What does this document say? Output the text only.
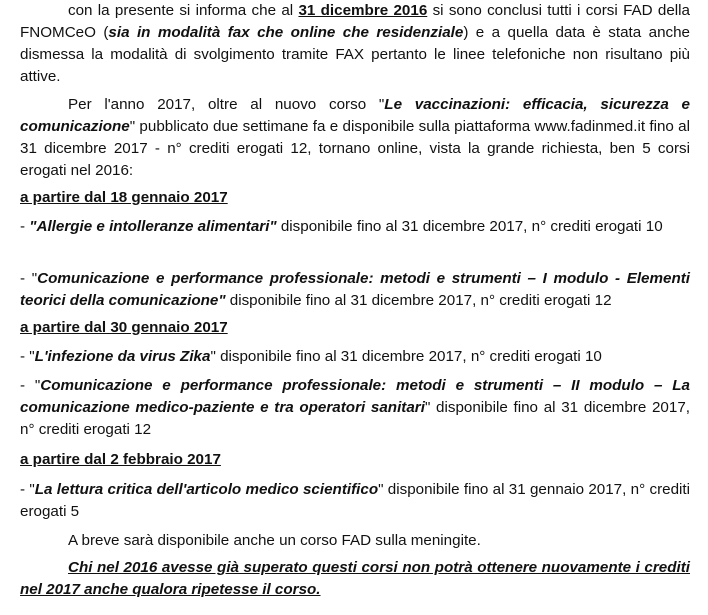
con la presente si informa che al 31 dicembre 2016 si sono conclusi tutti i corsi FAD della FNOMCeO (sia in modalità fax che online che residenziale) e a quella data è stata anche dismessa la modalità di svolgimento tramite FAX pertanto le linee telefoniche non risultano più attive.

Per l'anno 2017, oltre al nuovo corso "Le vaccinazioni: efficacia, sicurezza e comunicazione" pubblicato due settimane fa e disponibile sulla piattaforma www.fadinmed.it fino al 31 dicembre 2017 - n° crediti erogati 12, tornano online, vista la grande richiesta, ben 5 corsi erogati nel 2016:

a partire dal 18 gennaio 2017

- "Allergie e intolleranze alimentari" disponibile fino al 31 dicembre 2017, n° crediti erogati 10

- "Comunicazione e performance professionale: metodi e strumenti – I modulo - Elementi teorici della comunicazione" disponibile fino al 31 dicembre 2017, n° crediti erogati 12

a partire dal 30 gennaio 2017

- "L'infezione da virus Zika" disponibile fino al 31 dicembre 2017, n° crediti erogati 10

- "Comunicazione e performance professionale: metodi e strumenti – II modulo – La comunicazione medico-paziente e tra operatori sanitari" disponibile fino al 31 dicembre 2017, n° crediti erogati 12

a partire dal 2 febbraio 2017

- "La lettura critica dell'articolo medico scientifico" disponibile fino al 31 gennaio 2017, n° crediti erogati 5

A breve sarà disponibile anche un corso FAD sulla meningite.

Chi nel 2016 avesse già superato questi corsi non potrà ottenere nuovamente i crediti nel 2017 anche qualora ripetesse il corso.
